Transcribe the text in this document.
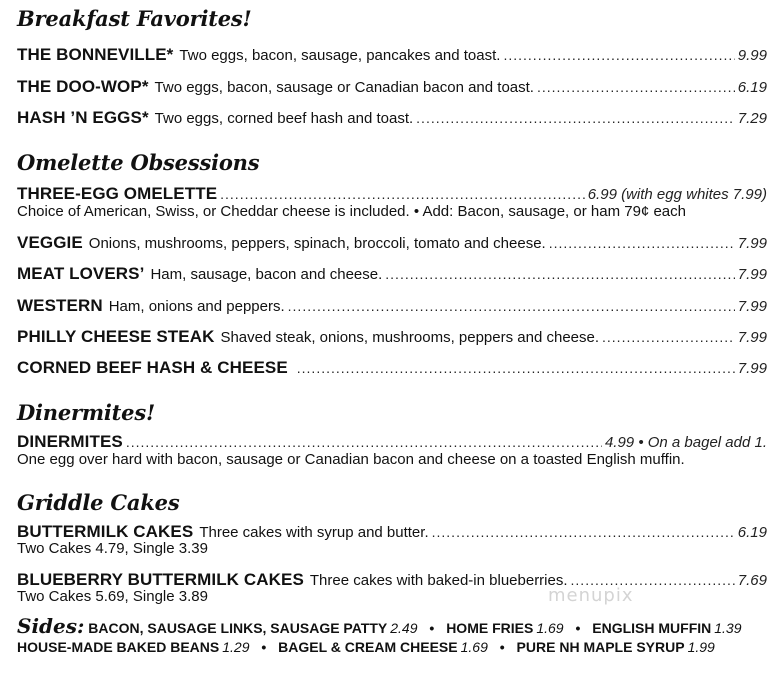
Breakfast Favorites!
THE BONNEVILLE* Two eggs, bacon, sausage, pancakes and toast. .....	9.99
THE DOO-WOP* Two eggs, bacon, sausage or Canadian bacon and toast. .....	6.19
HASH ’N EGGS* Two eggs, corned beef hash and toast. .....	7.29
Omelette Obsessions
THREE-EGG OMELETTE .....	6.99 (with egg whites 7.99)
Choice of American, Swiss, or Cheddar cheese is included. • Add: Bacon, sausage, or ham 79¢ each
VEGGIE Onions, mushrooms, peppers, spinach, broccoli, tomato and cheese. .....	7.99
MEAT LOVERS’ Ham, sausage, bacon and cheese. .....	7.99
WESTERN Ham, onions and peppers. .....	7.99
PHILLY CHEESE STEAK Shaved steak, onions, mushrooms, peppers and cheese. .....	7.99
CORNED BEEF HASH & CHEESE .....	7.99
Dinermites!
DINERMITES .....	4.99 • On a bagel add 1.
One egg over hard with bacon, sausage or Canadian bacon and cheese on a toasted English muffin.
Griddle Cakes
BUTTERMILK CAKES Three cakes with syrup and butter. .....	6.19
Two Cakes 4.79, Single 3.39
BLUEBERRY BUTTERMILK CAKES Three cakes with baked-in blueberries. .....	7.69
Two Cakes 5.69, Single 3.89
Sides: BACON, SAUSAGE LINKS, SAUSAGE PATTY 2.49 • HOME FRIES 1.69 • ENGLISH MUFFIN 1.39
HOUSE-MADE BAKED BEANS 1.29 • BAGEL & CREAM CHEESE 1.69 • PURE NH MAPLE SYRUP 1.99
menupix
